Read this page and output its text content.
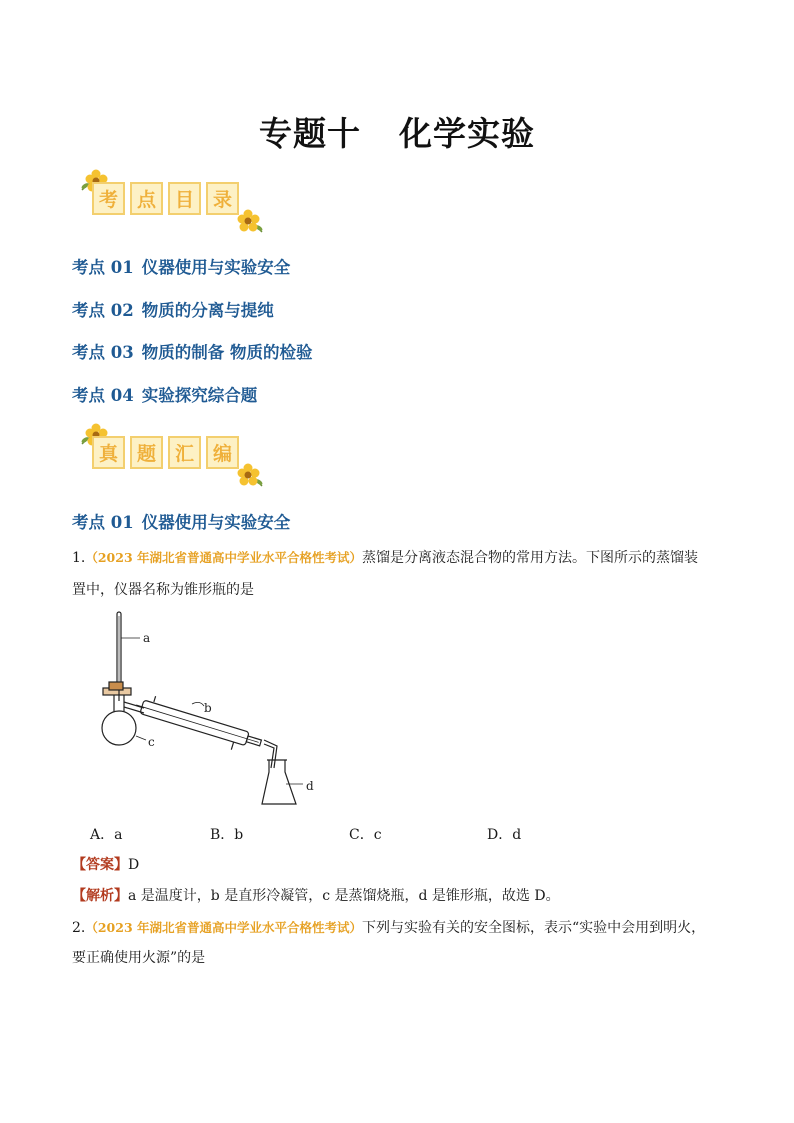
专题十 化学实验
考 点 目 录
考点 01 仪器使用与实验安全
考点 02 物质的分离与提纯
考点 03 物质的制备 物质的检验
考点 04 实验探究综合题
真 题 汇 编
考点 01 仪器使用与实验安全
1.（2023 年湖北省普通高中学业水平合格性考试）蒸馏是分离液态混合物的常用方法。下图所示的蒸馏装
置中，仪器名称为锥形瓶的是
a
b
c
d
A．a	B．b	C．c	D．d
【答案】D
【解析】a 是温度计，b 是直形冷凝管，c 是蒸馏烧瓶，d 是锥形瓶，故选 D。
2.（2023 年湖北省普通高中学业水平合格性考试）下列与实验有关的安全图标，表示“实验中会用到明火，
要正确使用火源”的是
